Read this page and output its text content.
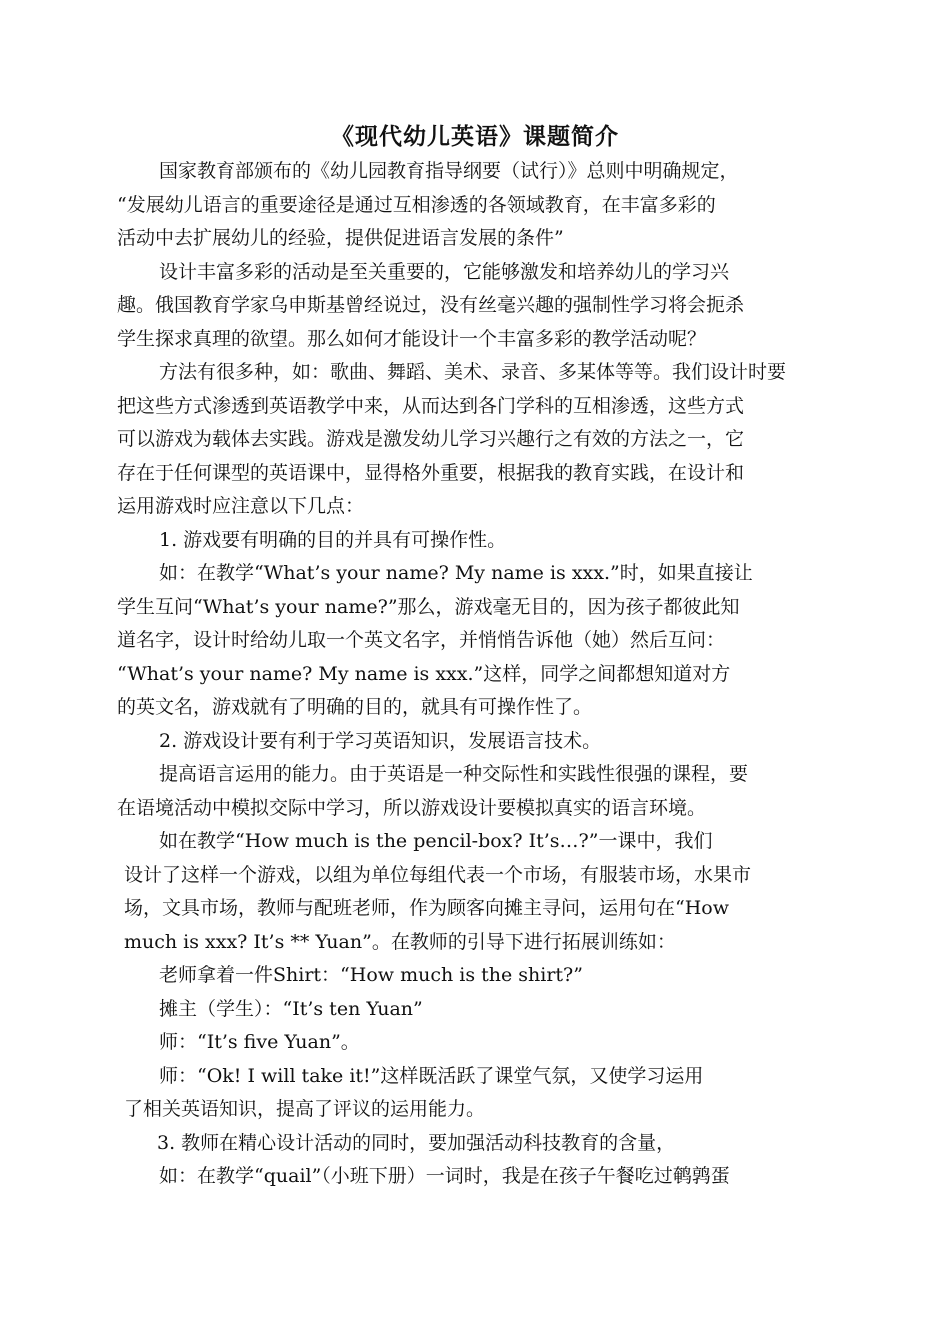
《现代幼儿英语》课题简介
国家教育部颁布的《幼儿园教育指导纲要（试行）》总则中明确规定，
“发展幼儿语言的重要途径是通过互相渗透的各领域教育，在丰富多彩的
活动中去扩展幼儿的经验，提供促进语言发展的条件”
设计丰富多彩的活动是至关重要的，它能够激发和培养幼儿的学习兴
趣。俄国教育学家乌申斯基曾经说过，没有丝毫兴趣的强制性学习将会扼杀
学生探求真理的欲望。那么如何才能设计一个丰富多彩的教学活动呢？
方法有很多种，如：歌曲、舞蹈、美术、录音、多某体等等。我们设计时要
把这些方式渗透到英语教学中来，从而达到各门学科的互相渗透，这些方式
可以游戏为载体去实践。游戏是激发幼儿学习兴趣行之有效的方法之一，它
存在于任何课型的英语课中，显得格外重要，根据我的教育实践，在设计和
运用游戏时应注意以下几点：
1. 游戏要有明确的目的并具有可操作性。
如：在教学“What’s your name? My name is xxx.”时，如果直接让
学生互问“What’s your name?”那么，游戏毫无目的，因为孩子都彼此知
道名字，设计时给幼儿取一个英文名字，并悄悄告诉他（她）然后互问：
“What’s your name? My name is xxx.”这样，同学之间都想知道对方
的英文名，游戏就有了明确的目的，就具有可操作性了。
2. 游戏设计要有利于学习英语知识，发展语言技术。
提高语言运用的能力。由于英语是一种交际性和实践性很强的课程，要
在语境活动中模拟交际中学习，所以游戏设计要模拟真实的语言环境。
如在教学“How much is the pencil-box? It’s…?”一课中，我们
设计了这样一个游戏，以组为单位每组代表一个市场，有服装市场，水果市
场，文具市场，教师与配班老师，作为顾客向摊主寻问，运用句在“How
much is xxx? It’s ** Yuan”。在教师的引导下进行拓展训练如：
老师拿着一件Shirt：“How much is the shirt?”
摊主（学生）：“It’s ten Yuan”
师：“It’s five Yuan”。
师：“Ok! I will take it!”这样既活跃了课堂气氛，又使学习运用
了相关英语知识，提高了评议的运用能力。
3. 教师在精心设计活动的同时，要加强活动科技教育的含量，
如：在教学“quail”（小班下册）一词时，我是在孩子午餐吃过鹌鹑蛋
